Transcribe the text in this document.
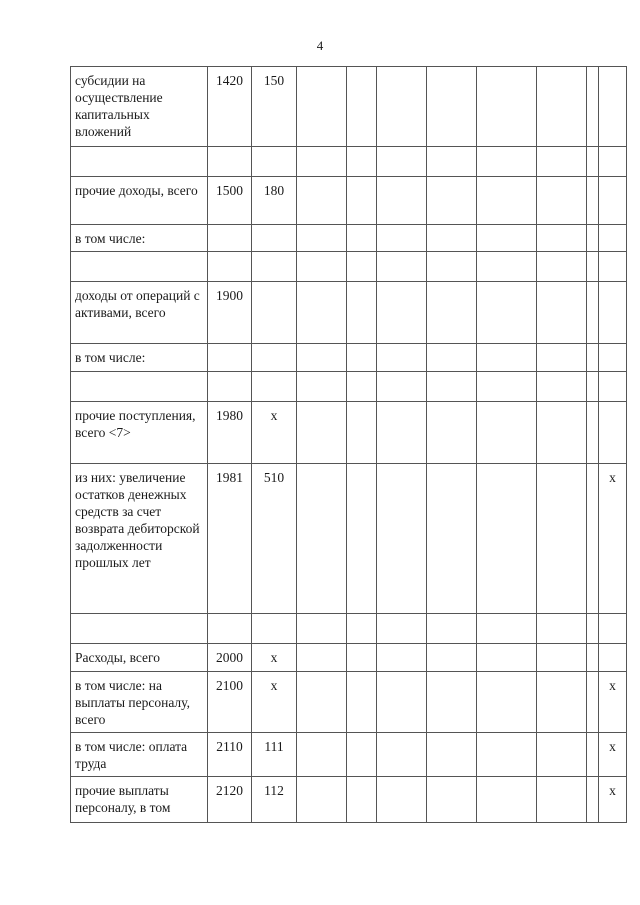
4
субсидии на осуществление капитальных вложений	1420	150								

прочие доходы, всего	1500	180								
в том числе:										

доходы от операций с активами, всего	1900									
в том числе:										

прочие поступления, всего <7>	1980	x								
из них: увеличение остатков денежных средств за счет возврата дебиторской задолженности прошлых лет	1981	510								x

Расходы, всего	2000	x								
в том числе: на выплаты персоналу, всего	2100	x								x
в том числе: оплата труда	2110	111								x
прочие выплаты персоналу, в том	2120	112								x
